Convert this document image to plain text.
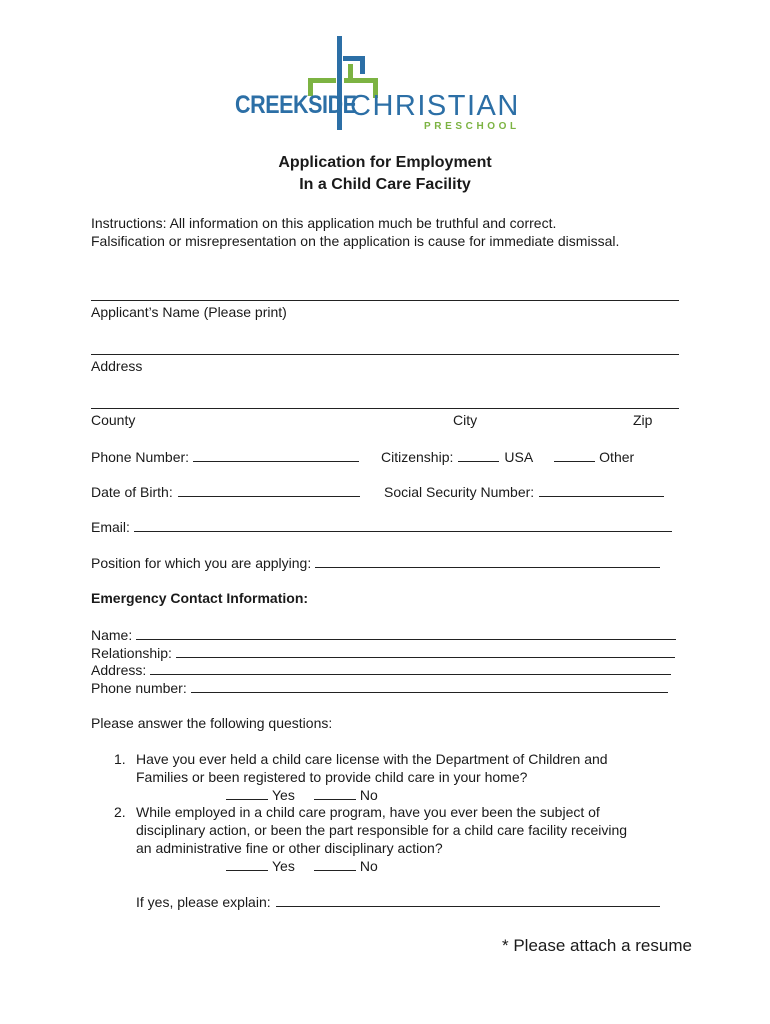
CREEKSIDE
CHRISTIAN
PRESCHOOL
Application for Employment
In a Child Care Facility
Instructions: All information on this application much be truthful and correct.
Falsification or misrepresentation on the application is cause for immediate dismissal.
Applicant’s Name (Please print)
Address
County	City	Zip
Phone Number:	Citizenship:	USA	Other
Date of Birth:	Social Security Number:
Email:
Position for which you are applying:
Emergency Contact Information:
Name:
Relationship:
Address:
Phone number:
Please answer the following questions:
1. Have you ever held a child care license with the Department of Children and
Families or been registered to provide child care in your home?
Yes	No
2. While employed in a child care program, have you ever been the subject of
disciplinary action, or been the part responsible for a child care facility receiving
an administrative fine or other disciplinary action?
Yes	No
If yes, please explain:
* Please attach a resume
